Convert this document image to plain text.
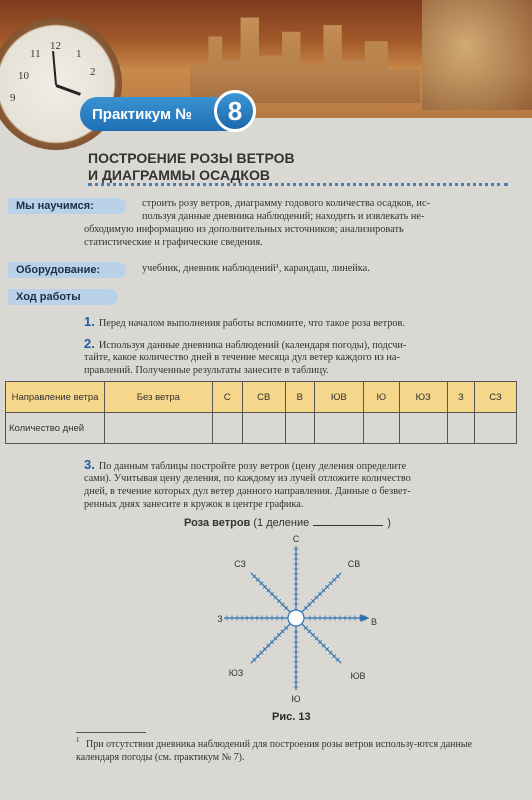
12
11	1
2
10
9
Практикум №	8
ПОСТРОЕНИЕ РОЗЫ ВЕТРОВ
И ДИАГРАММЫ ОСАДКОВ
Мы научимся:	строить розу ветров, диаграмму годового количества осадков, ис-
пользуя данные дневника наблюдений; находить и извлекать не-
обходимую информацию из дополнительных источников; анализировать
статистические и графические сведения.
Оборудование:	учебник, дневник наблюдений¹, карандаш, линейка.
Ход работы
1. Перед началом выполнения работы вспомните, что такое роза ветров.
2. Используя данные дневника наблюдений (календаря погоды), подсчи-
тайте, какое количество дней в течение месяца дул ветер каждого из на-
правлений. Полученные результаты занесите в таблицу.
Направление ветра	Без ветра	С	СВ	В	ЮВ	Ю	ЮЗ	З	СЗ
Количество дней									
3. По данным таблицы постройте розу ветров (цену деления определите
сами). Учитывая цену деления, по каждому из лучей отложите количество
дней, в течение которых дул ветер данного направления. Данные о безвет-
ренных днях занесите в кружок в центре графика.
Роза ветров (1 деление	)
С
СЗ	СВ
З	В
ЮЗ	ЮВ
Ю
Рис. 13
1 При отсутствии дневника наблюдений для построения розы ветров использу-ются данные календаря погоды (см. практикум № 7).
